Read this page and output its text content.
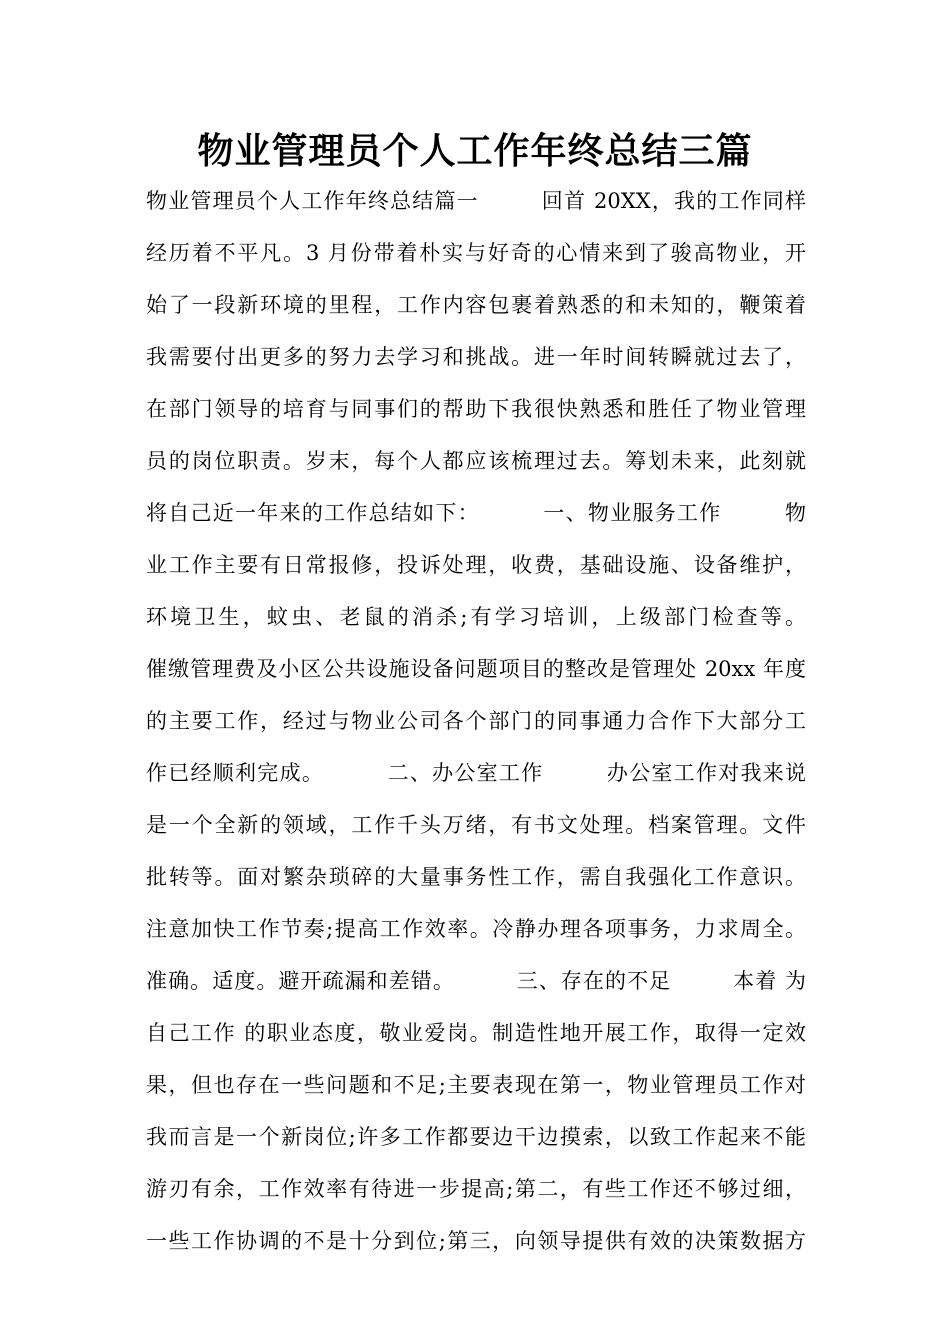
物业管理员个人工作年终总结三篇
物业管理员个人工作年终总结篇一        回首 20XX，我的工作同样
经历着不平凡。3 月份带着朴实与好奇的心情来到了骏高物业，开
始了一段新环境的里程，工作内容包裹着熟悉的和未知的，鞭策着
我需要付出更多的努力去学习和挑战。进一年时间转瞬就过去了，
在部门领导的培育与同事们的帮助下我很快熟悉和胜任了物业管理
员的岗位职责。岁末，每个人都应该梳理过去。筹划未来，此刻就
将自己近一年来的工作总结如下：        一、物业服务工作        物
业工作主要有日常报修，投诉处理，收费，基础设施、设备维护，
环境卫生，蚊虫、老鼠的消杀;有学习培训，上级部门检查等。
催缴管理费及小区公共设施设备问题项目的整改是管理处 20xx 年度
的主要工作，经过与物业公司各个部门的同事通力合作下大部分工
作已经顺利完成。        二、办公室工作        办公室工作对我来说
是一个全新的领域，工作千头万绪，有书文处理。档案管理。文件
批转等。面对繁杂琐碎的大量事务性工作，需自我强化工作意识。
注意加快工作节奏;提高工作效率。冷静办理各项事务，力求周全。
准确。适度。避开疏漏和差错。        三、存在的不足        本着 为
自己工作 的职业态度，敬业爱岗。制造性地开展工作，取得一定效
果，但也存在一些问题和不足;主要表现在第一，物业管理员工作对
我而言是一个新岗位;许多工作都要边干边摸索，以致工作起来不能
游刃有余，工作效率有待进一步提高;第二，有些工作还不够过细，
一些工作协调的不是十分到位;第三，向领导提供有效的决策数据方
